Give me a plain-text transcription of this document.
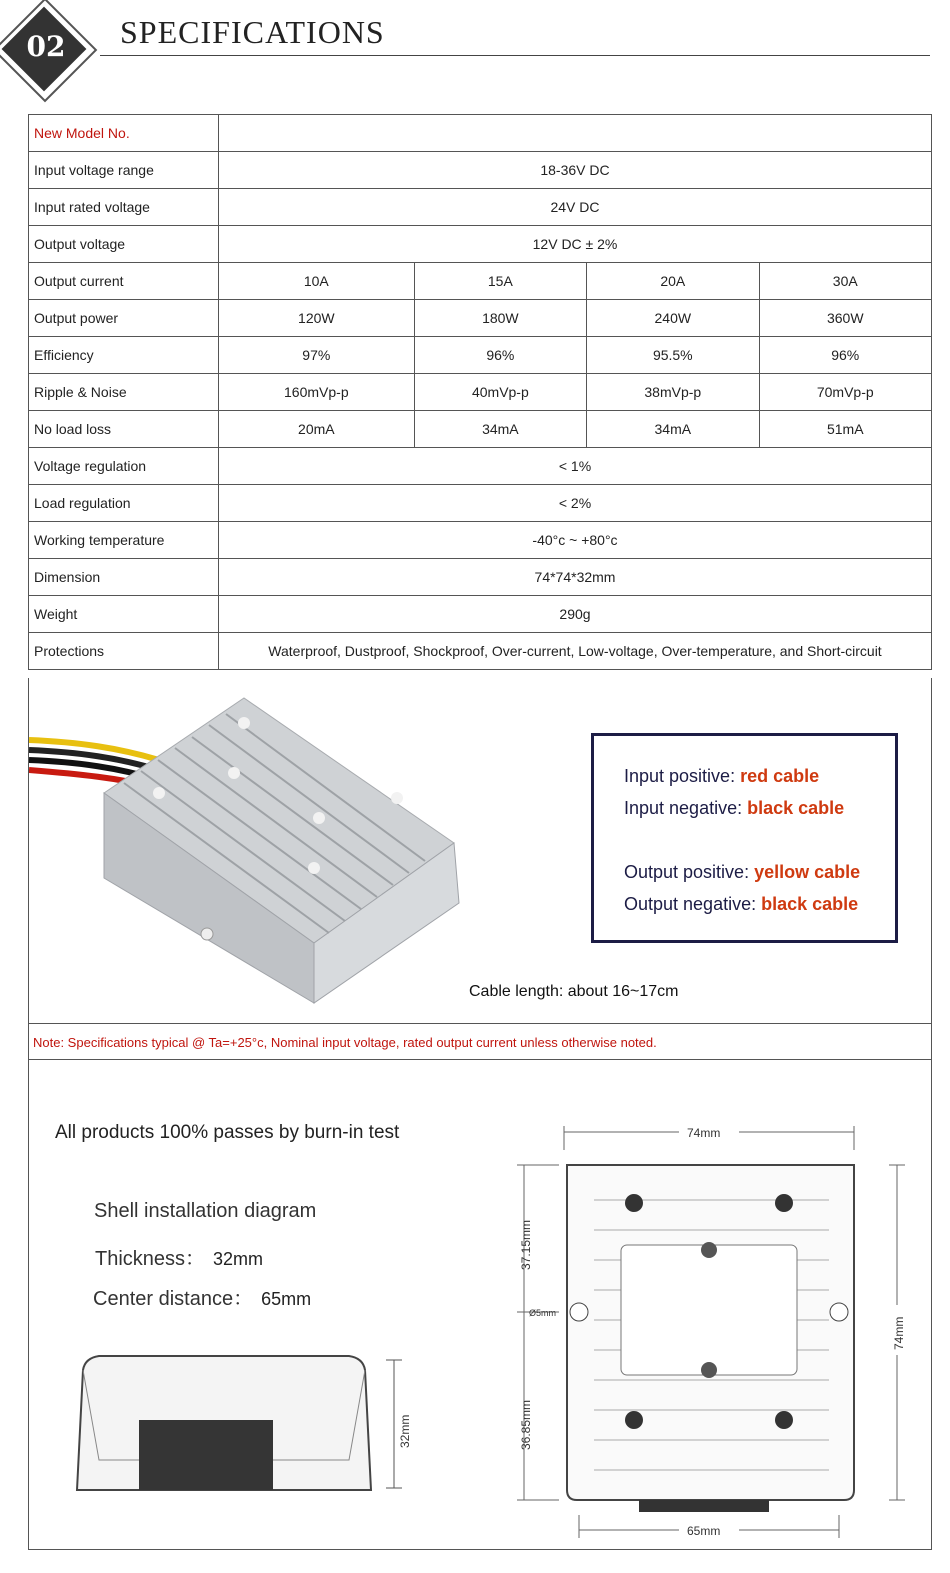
02	SPECIFICATIONS
New Model No.				
Input voltage range	18-36V DC			
Input rated voltage	24V DC			
Output voltage	12V DC ± 2%			
Output current	10A	15A	20A	30A
Output power	120W	180W	240W	360W
Efficiency	97%	96%	95.5%	96%
Ripple & Noise	160mVp-p	40mVp-p	38mVp-p	70mVp-p
No load loss	20mA	34mA	34mA	51mA
Voltage regulation	< 1%			
Load regulation	< 2%			
Working temperature	-40°c ~ +80°c			
Dimension	74*74*32mm			
Weight	290g			
Protections	Waterproof, Dustproof, Shockproof, Over-current, Low-voltage, Over-temperature, and Short-circuit			
Input positive: red cable
Input negative: black cable
Output positive: yellow cable
Output negative: black cable
Cable length: about 16~17cm
Note: Specifications typical @ Ta=+25°c, Nominal input voltage, rated output current unless otherwise noted.
All products 100% passes by burn-in test
Shell installation diagram
Thickness： 32mm
Center distance： 65mm
32mm
74mm
37.15mm
Ø5mm
36.85mm
74mm
65mm
